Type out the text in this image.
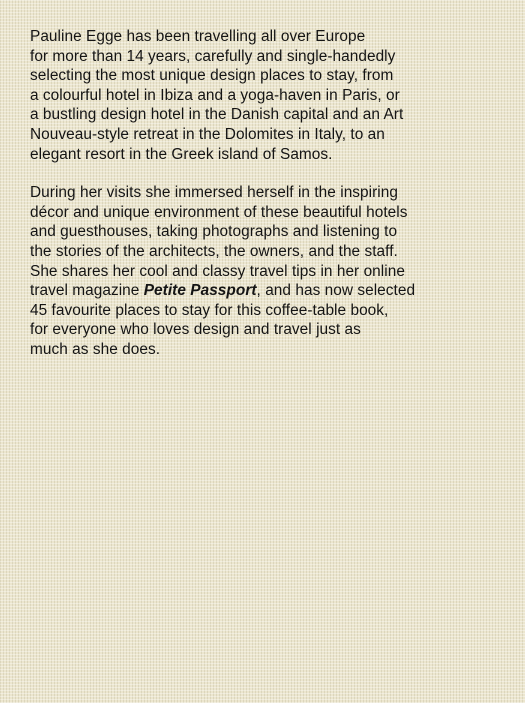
Pauline Egge has been travelling all over Europe
for more than 14 years, carefully and single-handedly
selecting the most unique design places to stay, from
a colourful hotel in Ibiza and a yoga-haven in Paris, or
a bustling design hotel in the Danish capital and an Art
Nouveau-style retreat in the Dolomites in Italy, to an
elegant resort in the Greek island of Samos.

During her visits she immersed herself in the inspiring
décor and unique environment of these beautiful hotels
and guesthouses, taking photographs and listening to
the stories of the architects, the owners, and the staff.
She shares her cool and classy travel tips in her online
travel magazine Petite Passport, and has now selected
45 favourite places to stay for this coffee-table book,
for everyone who loves design and travel just as
much as she does.
